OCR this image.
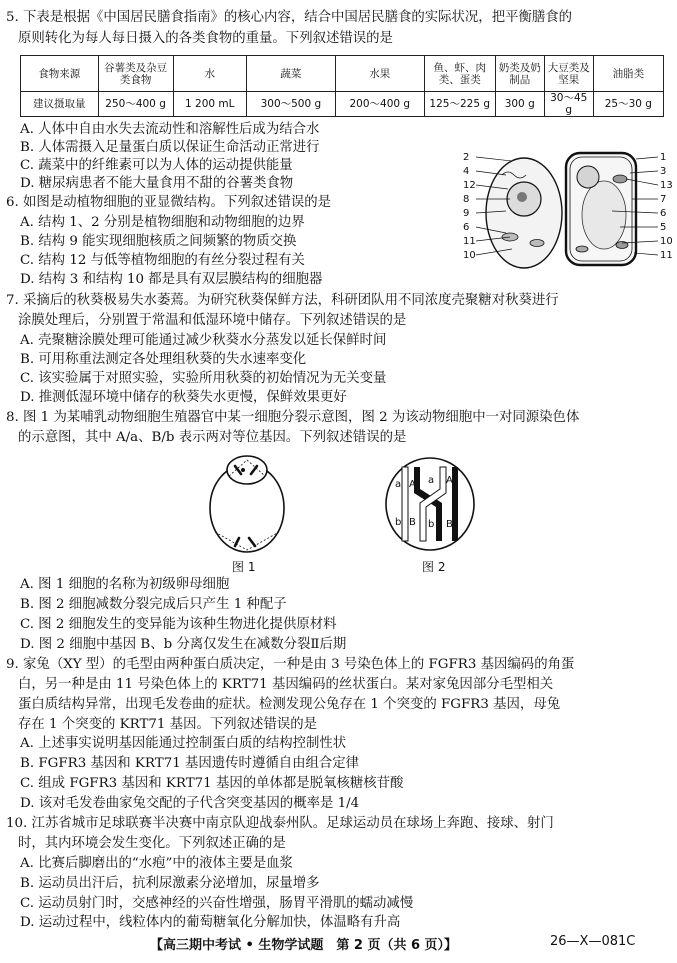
5. 下表是根据《中国居民膳食指南》的核心内容，结合中国居民膳食的实际状况，把平衡膳食的
原则转化为每人每日摄入的各类食物的重量。下列叙述错误的是
食物来源	谷薯类及杂豆类食物	水	蔬菜	水果	鱼、虾、肉类、蛋类	奶类及奶制品	大豆类及坚果	油脂类
建议摄取量	250～400 g	1 200 mL	300～500 g	200～400 g	125～225 g	300 g	30～45 g	25～30 g
A. 人体中自由水失去流动性和溶解性后成为结合水
B. 人体需摄入足量蛋白质以保证生命活动正常进行
C. 蔬菜中的纤维素可以为人体的运动提供能量
D. 糖尿病患者不能大量食用不甜的谷薯类食物
6. 如图是动植物细胞的亚显微结构。下列叙述错误的是
A. 结构 1、2 分别是植物细胞和动物细胞的边界
B. 结构 9 能实现细胞核质之间频繁的物质交换
C. 结构 12 与低等植物细胞的有丝分裂过程有关
D. 结构 3 和结构 10 都是具有双层膜结构的细胞器
2
4
12
8
9
6
11
10
1
3
13
7
6
5
10
11
7. 采摘后的秋葵极易失水萎蔫。为研究秋葵保鲜方法，科研团队用不同浓度壳聚糖对秋葵进行
涂膜处理后，分别置于常温和低湿环境中储存。下列叙述错误的是
A. 壳聚糖涂膜处理可能通过减少秋葵水分蒸发以延长保鲜时间
B. 可用称重法测定各处理组秋葵的失水速率变化
C. 该实验属于对照实验，实验所用秋葵的初始情况为无关变量
D. 推测低湿环境中储存的秋葵失水更慢，保鲜效果更好
8. 图 1 为某哺乳动物细胞生殖器官中某一细胞分裂示意图，图 2 为该动物细胞中一对同源染色体
的示意图，其中 A/a、B/b 表示两对等位基因。下列叙述错误的是
图 1
a A a A
b B b B
图 2
A. 图 1 细胞的名称为初级卵母细胞
B. 图 2 细胞减数分裂完成后只产生 1 种配子
C. 图 2 细胞发生的变异能为该种生物进化提供原材料
D. 图 2 细胞中基因 B、b 分离仅发生在减数分裂Ⅱ后期
9. 家兔（XY 型）的毛型由两种蛋白质决定，一种是由 3 号染色体上的 FGFR3 基因编码的角蛋
白，另一种是由 11 号染色体上的 KRT71 基因编码的丝状蛋白。某对家兔因部分毛型相关
蛋白质结构异常，出现毛发卷曲的症状。检测发现公兔存在 1 个突变的 FGFR3 基因，母兔
存在 1 个突变的 KRT71 基因。下列叙述错误的是
A. 上述事实说明基因能通过控制蛋白质的结构控制性状
B. FGFR3 基因和 KRT71 基因遗传时遵循自由组合定律
C. 组成 FGFR3 基因和 KRT71 基因的单体都是脱氧核糖核苷酸
D. 该对毛发卷曲家兔交配的子代含突变基因的概率是 1/4
10. 江苏省城市足球联赛半决赛中南京队迎战泰州队。足球运动员在球场上奔跑、接球、射门
时，其内环境会发生变化。下列叙述正确的是
A. 比赛后脚磨出的“水疱”中的液体主要是血浆
B. 运动员出汗后，抗利尿激素分泌增加，尿量增多
C. 运动员射门时，交感神经的兴奋性增强，肠胃平滑肌的蠕动减慢
D. 运动过程中，线粒体内的葡萄糖氧化分解加快，体温略有升高
【高三期中考试 • 生物学试题　第 2 页（共 6 页）】	26—X—081C
